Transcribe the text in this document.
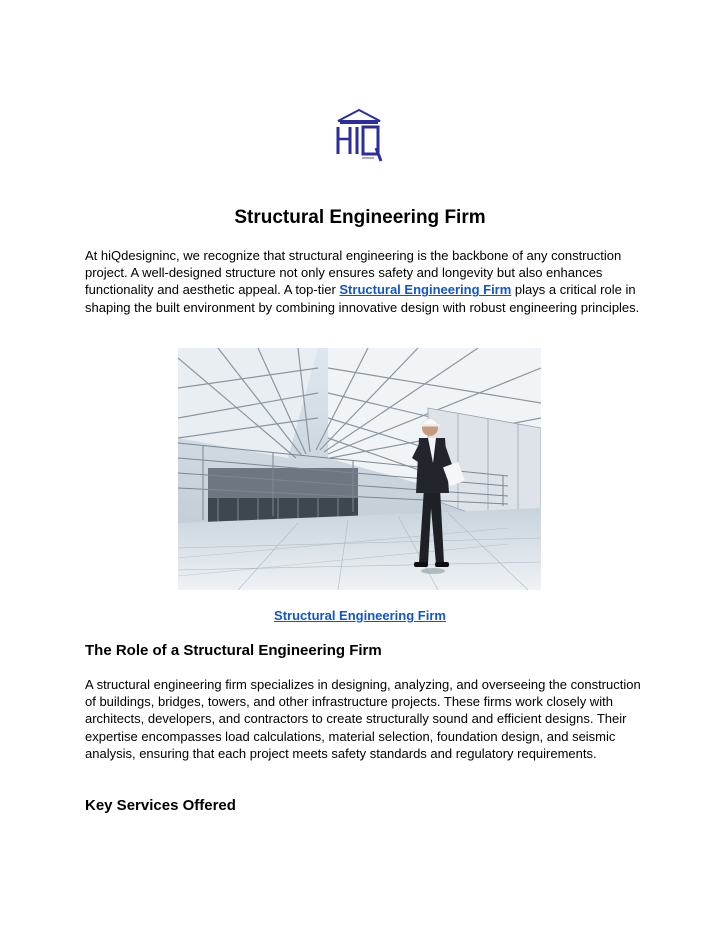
Structural Engineering Firm

At hiQdesigninc, we recognize that structural engineering is the backbone of any construction project. A well-designed structure not only ensures safety and longevity but also enhances functionality and aesthetic appeal. A top-tier Structural Engineering Firm plays a critical role in shaping the built environment by combining innovative design with robust engineering principles.

Structural Engineering Firm
The Role of a Structural Engineering Firm

A structural engineering firm specializes in designing, analyzing, and overseeing the construction of buildings, bridges, towers, and other infrastructure projects. These firms work closely with architects, developers, and contractors to create structurally sound and efficient designs. Their expertise encompasses load calculations, material selection, foundation design, and seismic analysis, ensuring that each project meets safety standards and regulatory requirements.

Key Services Offered
